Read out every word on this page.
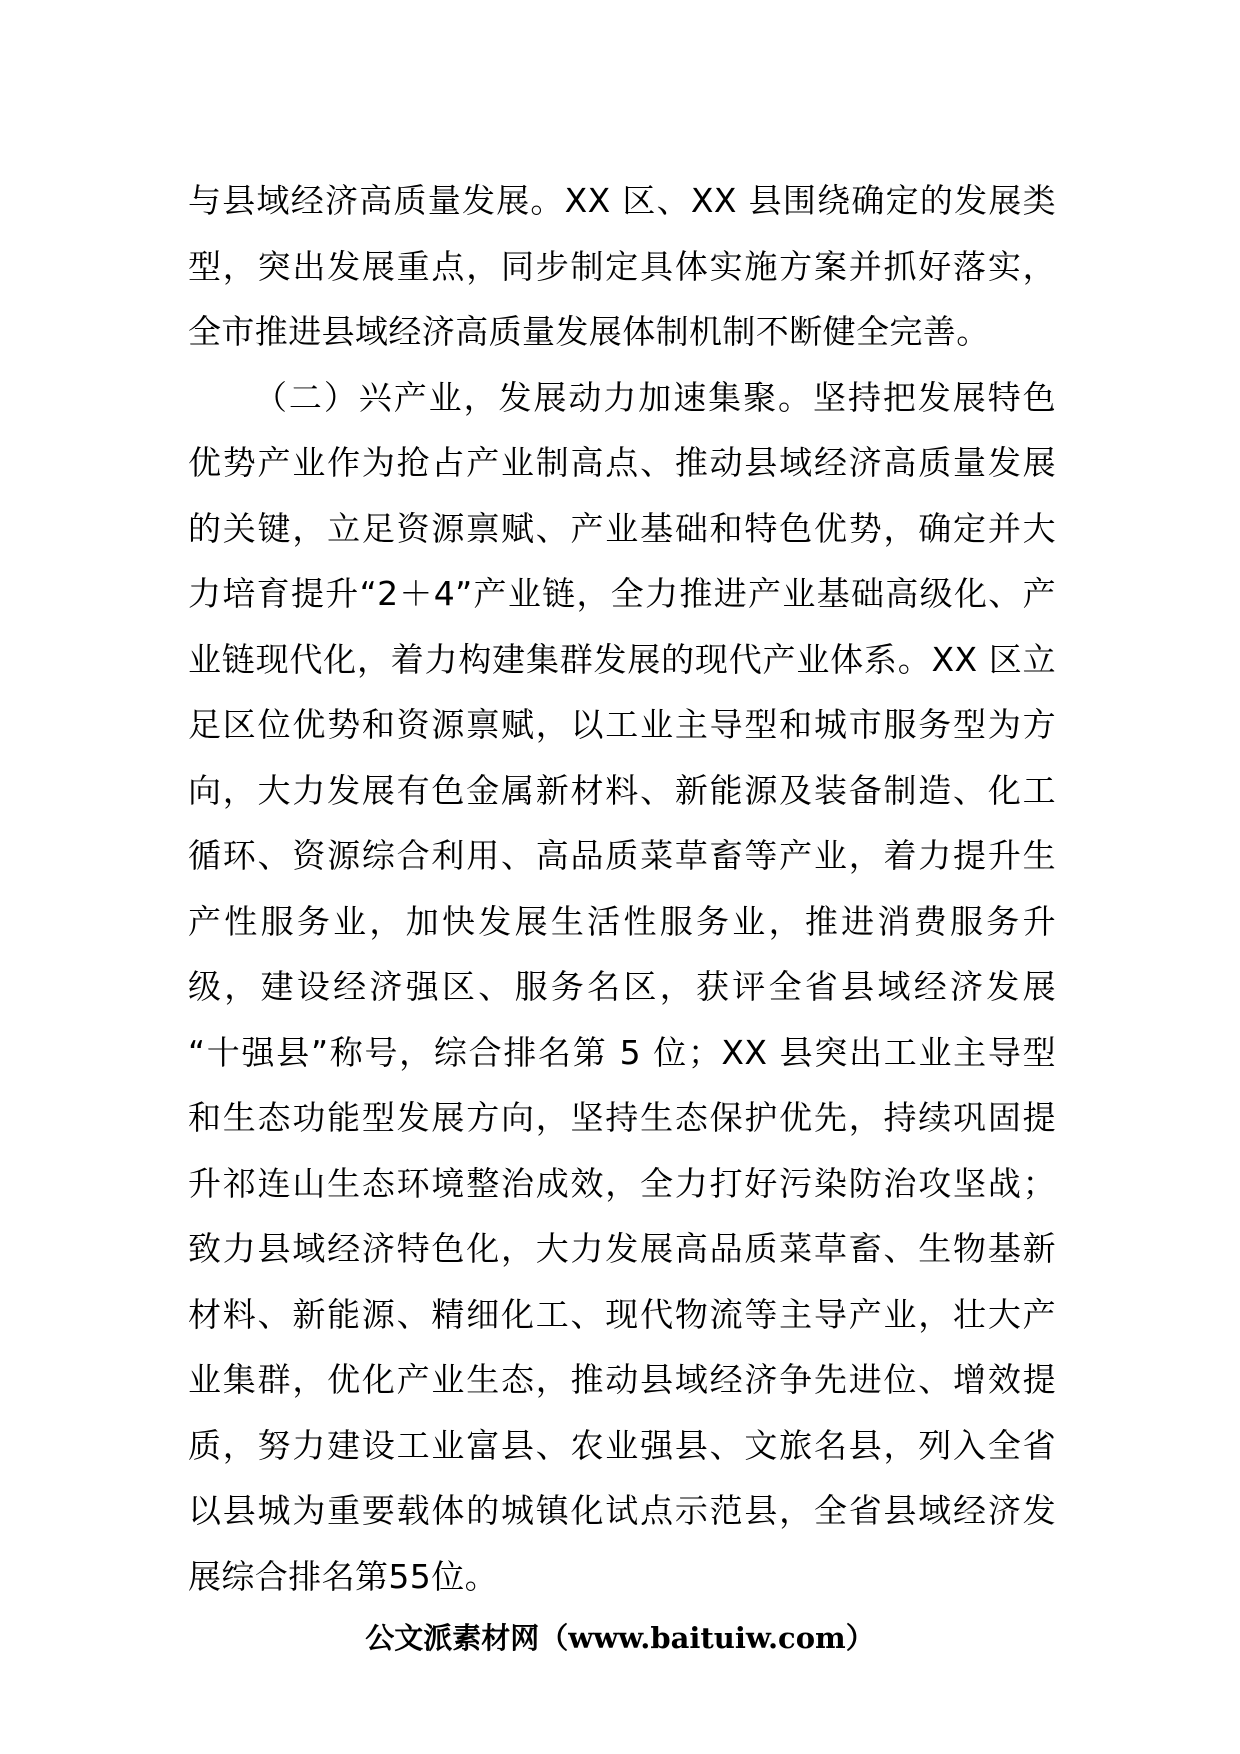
与县域经济高质量发展。XX 区、XX 县围绕确定的发展类
型，突出发展重点，同步制定具体实施方案并抓好落实，
全市推进县域经济高质量发展体制机制不断健全完善。
（二）兴产业，发展动力加速集聚。坚持把发展特色
优势产业作为抢占产业制高点、推动县域经济高质量发展
的关键，立足资源禀赋、产业基础和特色优势，确定并大
力培育提升“2＋4”产业链，全力推进产业基础高级化、产
业链现代化，着力构建集群发展的现代产业体系。XX 区立
足区位优势和资源禀赋，以工业主导型和城市服务型为方
向，大力发展有色金属新材料、新能源及装备制造、化工
循环、资源综合利用、高品质菜草畜等产业，着力提升生
产性服务业，加快发展生活性服务业，推进消费服务升
级，建设经济强区、服务名区，获评全省县域经济发展
“十强县”称号，综合排名第 5 位；XX 县突出工业主导型
和生态功能型发展方向，坚持生态保护优先，持续巩固提
升祁连山生态环境整治成效，全力打好污染防治攻坚战；
致力县域经济特色化，大力发展高品质菜草畜、生物基新
材料、新能源、精细化工、现代物流等主导产业，壮大产
业集群，优化产业生态，推动县域经济争先进位、增效提
质，努力建设工业富县、农业强县、文旅名县，列入全省
以县城为重要载体的城镇化试点示范县，全省县域经济发
展综合排名第55位。
公文派素材网（www.baituiw.com）
